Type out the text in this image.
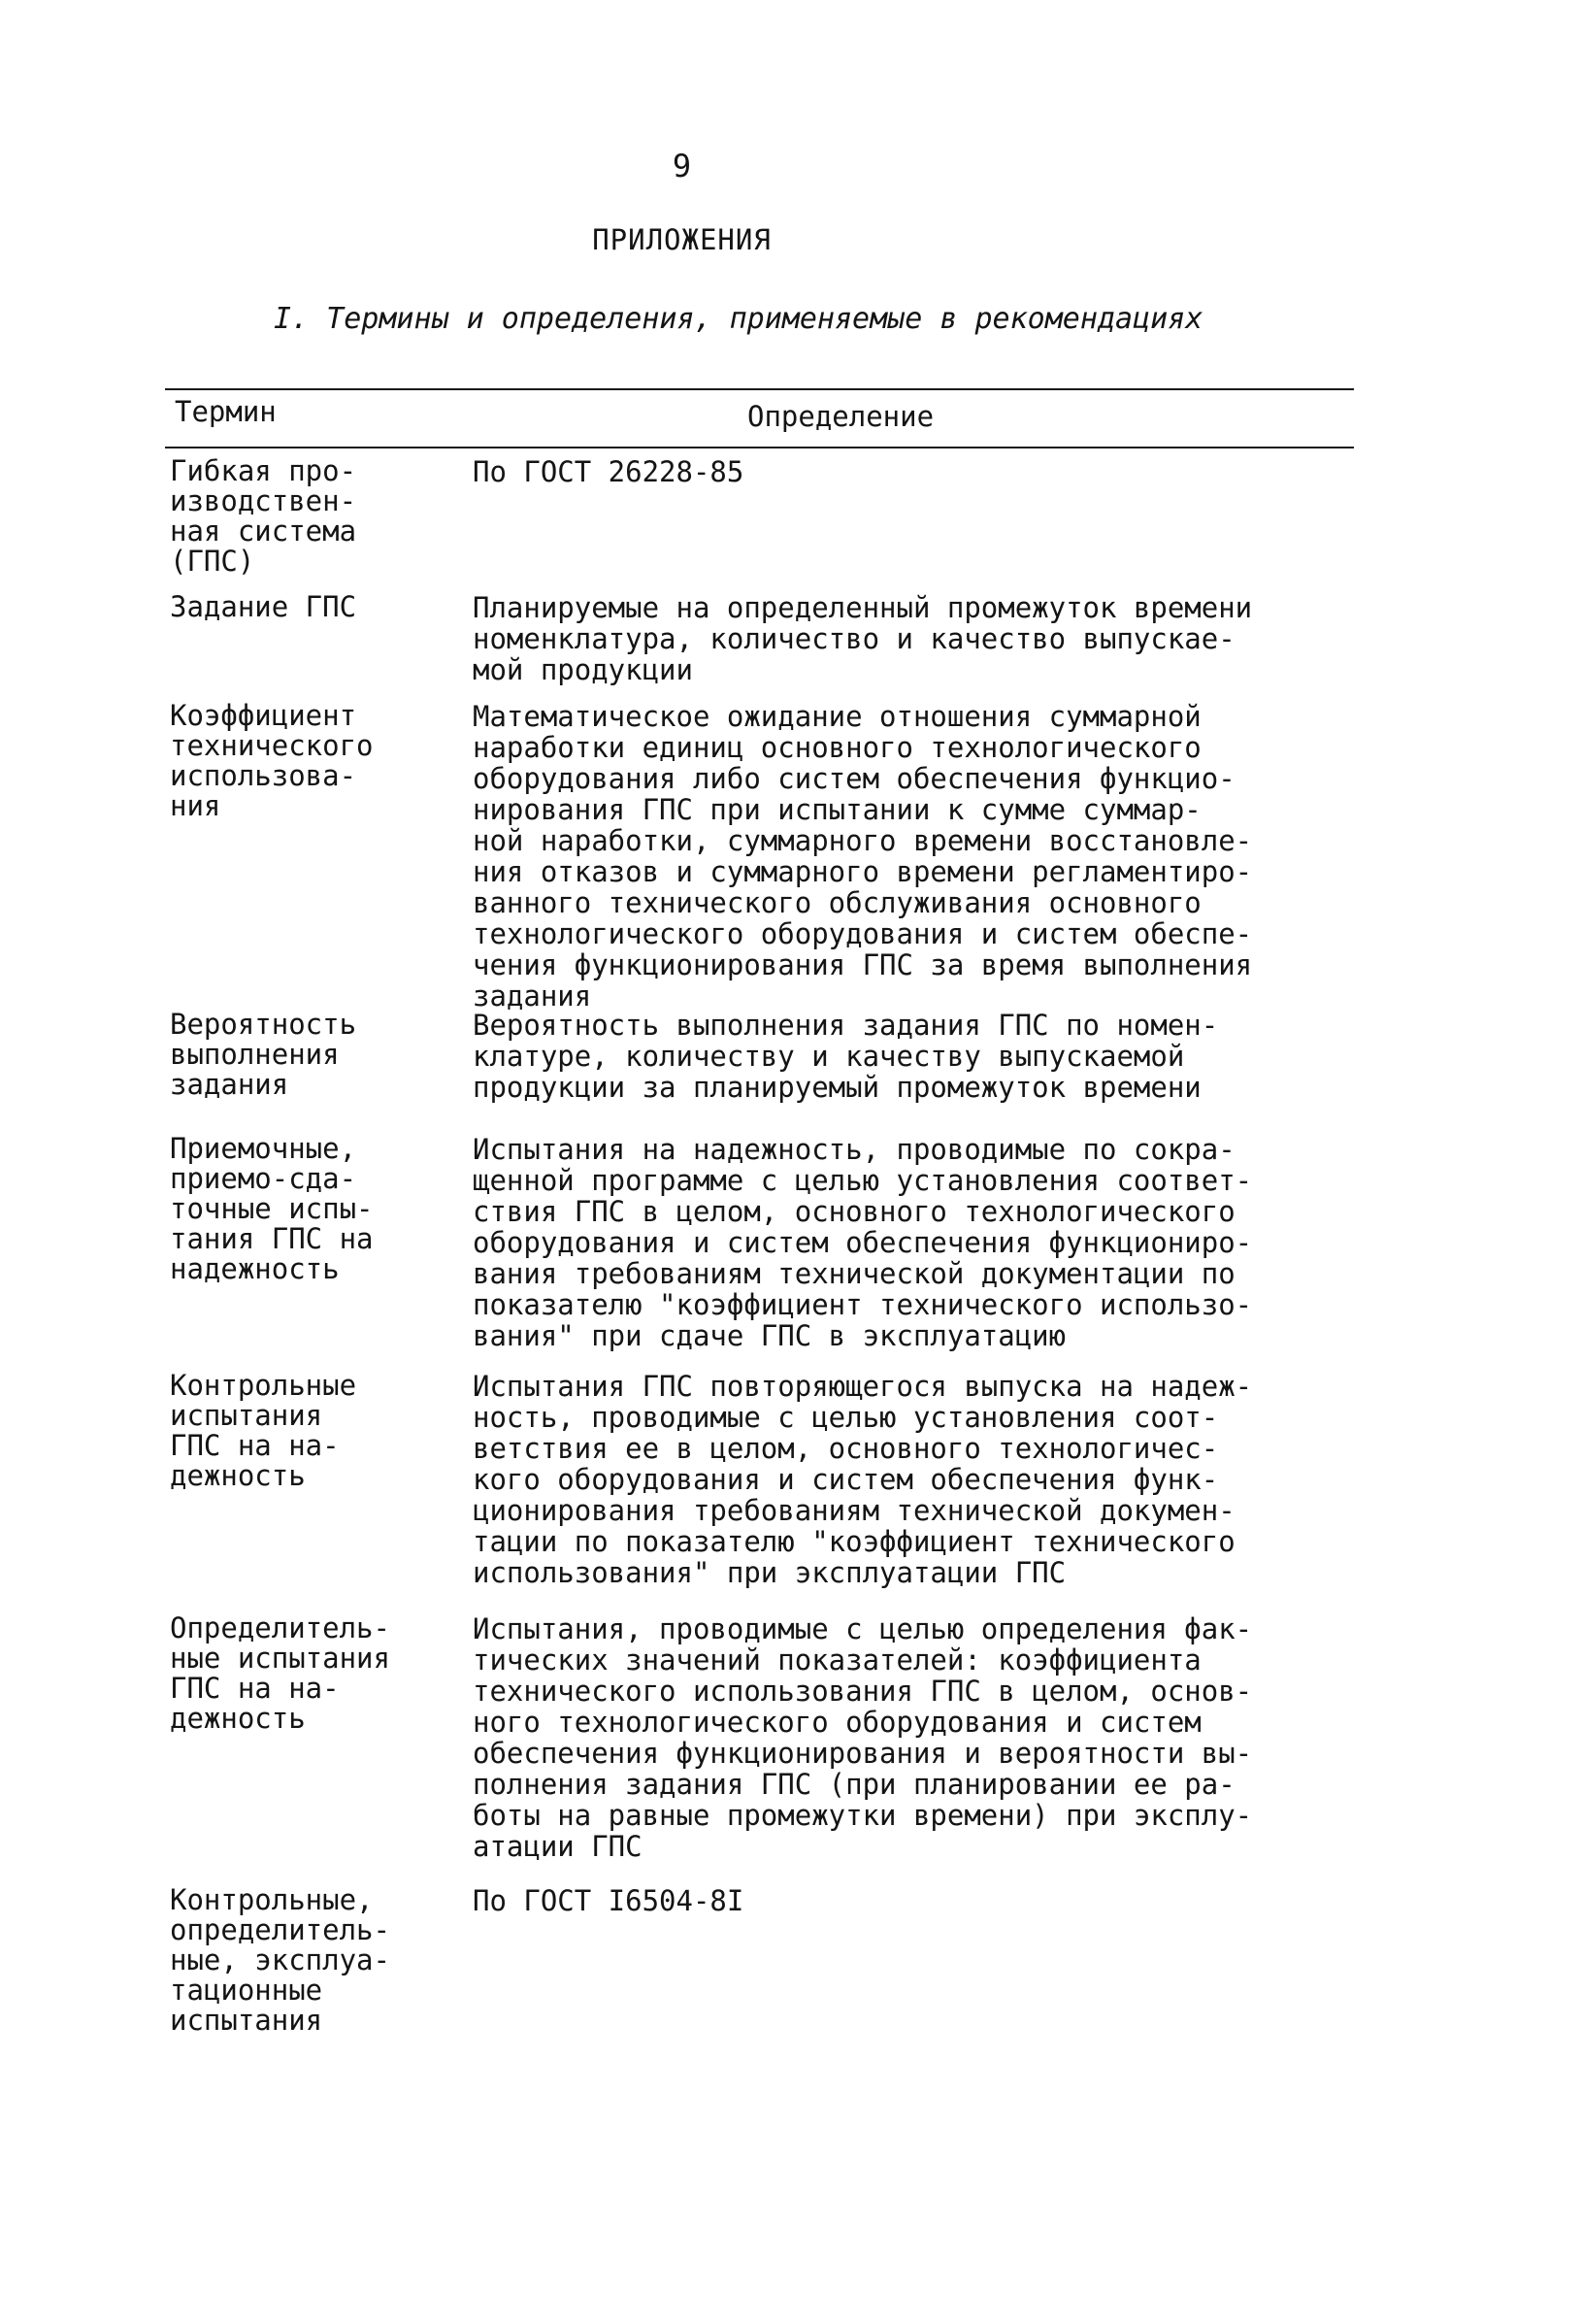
9
ПРИЛОЖЕНИЯ
I. Термины и определения, применяемые в рекомендациях
Термин	Определение
Гибкая про-
изводствен-
ная система
(ГПС)
По ГОСТ 26228-85
Задание ГПС	Планируемые на определенный промежуток времени
номенклатура, количество и качество выпускае-
мой продукции
Коэффициент
технического
использова-
ния
Математическое ожидание отношения суммарной
наработки единиц основного технологического
оборудования либо систем обеспечения функцио-
нирования ГПС при испытании к сумме суммар-
ной наработки, суммарного времени восстановле-
ния отказов и суммарного времени регламентиро-
ванного технического обслуживания основного
технологического оборудования и систем обеспе-
чения функционирования ГПС за время выполнения
задания
Вероятность
выполнения
задания
Вероятность выполнения задания ГПС по номен-
клатуре, количеству и качеству выпускаемой
продукции за планируемый промежуток времени
Приемочные,
приемо-сда-
точные испы-
тания ГПС на
надежность
Испытания на надежность, проводимые по сокра-
щенной программе с целью установления соответ-
ствия ГПС в целом, основного технологического
оборудования и систем обеспечения функциониро-
вания требованиям технической документации по
показателю "коэффициент технического использо-
вания" при сдаче ГПС в эксплуатацию
Контрольные
испытания
ГПС на на-
дежность
Испытания ГПС повторяющегося выпуска на надеж-
ность, проводимые с целью установления соот-
ветствия ее в целом, основного технологичес-
кого оборудования и систем обеспечения функ-
ционирования требованиям технической докумен-
тации по показателю "коэффициент технического
использования" при эксплуатации ГПС
Определитель-
ные испытания
ГПС на на-
дежность
Испытания, проводимые с целью определения фак-
тических значений показателей: коэффициента
технического использования ГПС в целом, основ-
ного технологического оборудования и систем
обеспечения функционирования и вероятности вы-
полнения задания ГПС (при планировании ее ра-
боты на равные промежутки времени) при эксплу-
атации ГПС
Контрольные,
определитель-
ные, эксплуа-
тационные
испытания
По ГОСТ I6504-8I
